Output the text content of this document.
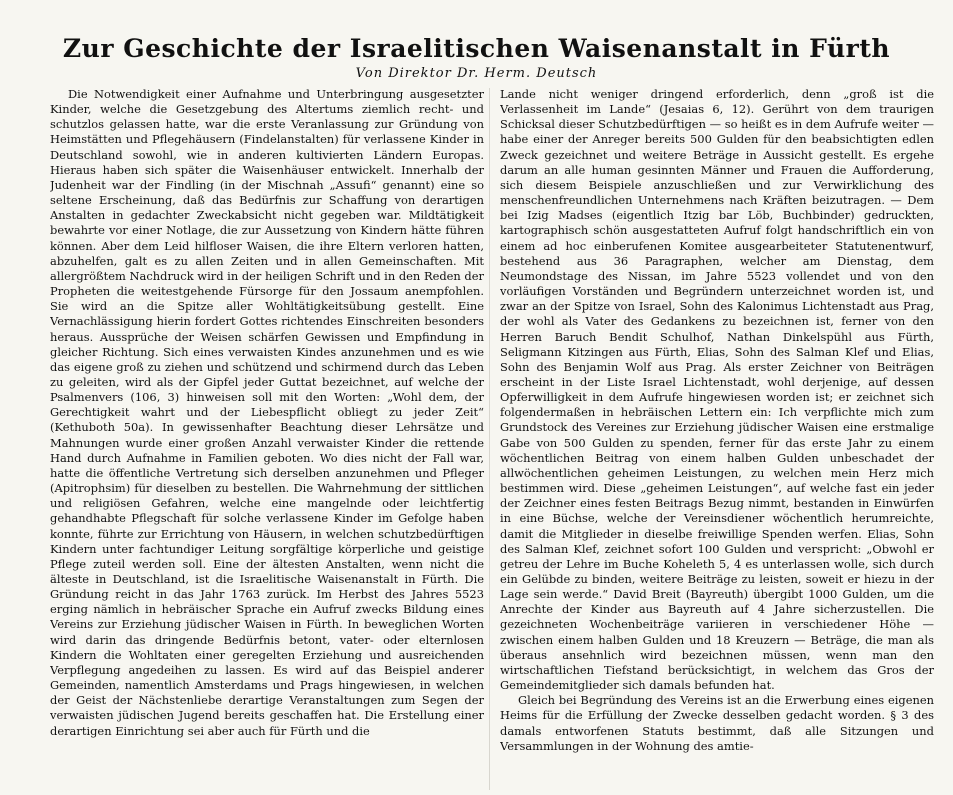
Zur Geschichte der Israelitischen Waisenanstalt in Fürth
Von Direktor Dr. Herm. Deutsch

Die Notwendigkeit einer Aufnahme und Unterbringung ausgesetzter Kinder, welche die Gesetzgebung des Altertums ziemlich recht- und schutzlos gelassen hatte, war die erste Veranlassung zur Gründung von Heimstätten und Pflegehäusern (Findelanstalten) für verlassene Kinder in Deutschland sowohl, wie in anderen kultivierten Ländern Europas. Hieraus haben sich später die Waisenhäuser entwickelt. Innerhalb der Judenheit war der Findling (in der Mischnah „Assufi“ genannt) eine so seltene Erscheinung, daß das Bedürfnis zur Schaffung von derartigen Anstalten in gedachter Zweckabsicht nicht gegeben war. Mildtätigkeit bewahrte vor einer Notlage, die zur Aussetzung von Kindern hätte führen können. Aber dem Leid hilfloser Waisen, die ihre Eltern verloren hatten, abzuhelfen, galt es zu allen Zeiten und in allen Gemeinschaften. Mit allergrößtem Nachdruck wird in der heiligen Schrift und in den Reden der Propheten die weitestgehende Fürsorge für den Jossaum anempfohlen. Sie wird an die Spitze aller Wohltätigkeitsübung gestellt. Eine Vernachlässigung hierin fordert Gottes richtendes Einschreiten besonders heraus. Aussprüche der Weisen schärfen Gewissen und Empfindung in gleicher Richtung. Sich eines verwaisten Kindes anzunehmen und es wie das eigene groß zu ziehen und schützend und schirmend durch das Leben zu geleiten, wird als der Gipfel jeder Guttat bezeichnet, auf welche der Psalmenvers (106, 3) hinweisen soll mit den Worten: „Wohl dem, der Gerechtigkeit wahrt und der Liebespflicht obliegt zu jeder Zeit“ (Kethuboth 50a). In gewissenhafter Beachtung dieser Lehrsätze und Mahnungen wurde einer großen Anzahl verwaister Kinder die rettende Hand durch Aufnahme in Familien geboten. Wo dies nicht der Fall war, hatte die öffentliche Vertretung sich derselben anzunehmen und Pfleger (Apitrophsim) für dieselben zu bestellen. Die Wahrnehmung der sittlichen und religiösen Gefahren, welche eine mangelnde oder leichtfertig gehandhabte Pflegschaft für solche verlassene Kinder im Gefolge haben konnte, führte zur Errichtung von Häusern, in welchen schutzbedürftigen Kindern unter fachtundiger Leitung sorgfältige körperliche und geistige Pflege zuteil werden soll. Eine der ältesten Anstalten, wenn nicht die älteste in Deutschland, ist die Israelitische Waisenanstalt in Fürth. Die Gründung reicht in das Jahr 1763 zurück. Im Herbst des Jahres 5523 erging nämlich in hebräischer Sprache ein Aufruf zwecks Bildung eines Vereins zur Erziehung jüdischer Waisen in Fürth. In beweglichen Worten wird darin das dringende Bedürfnis betont, vater- oder elternlosen Kindern die Wohltaten einer geregelten Erziehung und ausreichenden Verpflegung angedeihen zu lassen. Es wird auf das Beispiel anderer Gemeinden, namentlich Amsterdams und Prags hingewiesen, in welchen der Geist der Nächstenliebe derartige Veranstaltungen zum Segen der verwaisten jüdischen Jugend bereits geschaffen hat. Die Erstellung einer derartigen Einrichtung sei aber auch für Fürth und die

Lande nicht weniger dringend erforderlich, denn „groß ist die Verlassenheit im Lande“ (Jesaias 6, 12). Gerührt von dem traurigen Schicksal dieser Schutzbedürftigen — so heißt es in dem Aufrufe weiter — habe einer der Anreger bereits 500 Gulden für den beabsichtigten edlen Zweck gezeichnet und weitere Beträge in Aussicht gestellt. Es ergehe darum an alle human gesinnten Männer und Frauen die Aufforderung, sich diesem Beispiele anzuschließen und zur Verwirklichung des menschenfreundlichen Unternehmens nach Kräften beizutragen. — Dem bei Izig Madses (eigentlich Itzig bar Löb, Buchbinder) gedruckten, kartographisch schön ausgestatteten Aufruf folgt handschriftlich ein von einem ad hoc einberufenen Komitee ausgearbeiteter Statutenentwurf, bestehend aus 36 Paragraphen, welcher am Dienstag, dem Neumondstage des Nissan, im Jahre 5523 vollendet und von den vorläufigen Vorständen und Begründern unterzeichnet worden ist, und zwar an der Spitze von Israel, Sohn des Kalonimus Lichtenstadt aus Prag, der wohl als Vater des Gedankens zu bezeichnen ist, ferner von den Herren Baruch Bendit Schulhof, Nathan Dinkelspühl aus Fürth, Seligmann Kitzingen aus Fürth, Elias, Sohn des Salman Klef und Elias, Sohn des Benjamin Wolf aus Prag. Als erster Zeichner von Beiträgen erscheint in der Liste Israel Lichtenstadt, wohl derjenige, auf dessen Opferwilligkeit in dem Aufrufe hingewiesen worden ist; er zeichnet sich folgendermaßen in hebräischen Lettern ein: Ich verpflichte mich zum Grundstock des Vereines zur Erziehung jüdischer Waisen eine erstmalige Gabe von 500 Gulden zu spenden, ferner für das erste Jahr zu einem wöchentlichen Beitrag von einem halben Gulden unbeschadet der allwöchentlichen geheimen Leistungen, zu welchen mein Herz mich bestimmen wird. Diese „geheimen Leistungen“, auf welche fast ein jeder der Zeichner eines festen Beitrags Bezug nimmt, bestanden in Einwürfen in eine Büchse, welche der Vereinsdiener wöchentlich herumreichte, damit die Mitglieder in dieselbe freiwillige Spenden werfen. Elias, Sohn des Salman Klef, zeichnet sofort 100 Gulden und verspricht: „Obwohl er getreu der Lehre im Buche Koheleth 5, 4 es unterlassen wolle, sich durch ein Gelübde zu binden, weitere Beiträge zu leisten, soweit er hiezu in der Lage sein werde.“ David Breit (Bayreuth) übergibt 1000 Gulden, um die Anrechte der Kinder aus Bayreuth auf 4 Jahre sicherzustellen. Die gezeichneten Wochenbeiträge variieren in verschiedener Höhe — zwischen einem halben Gulden und 18 Kreuzern — Beträge, die man als überaus ansehnlich wird bezeichnen müssen, wenn man den wirtschaftlichen Tiefstand berücksichtigt, in welchem das Gros der Gemeindemitglieder sich damals befunden hat.

Gleich bei Begründung des Vereins ist an die Erwerbung eines eigenen Heims für die Erfüllung der Zwecke desselben gedacht worden. § 3 des damals entworfenen Statuts bestimmt, daß alle Sitzungen und Versammlungen in der Wohnung des amtie-
